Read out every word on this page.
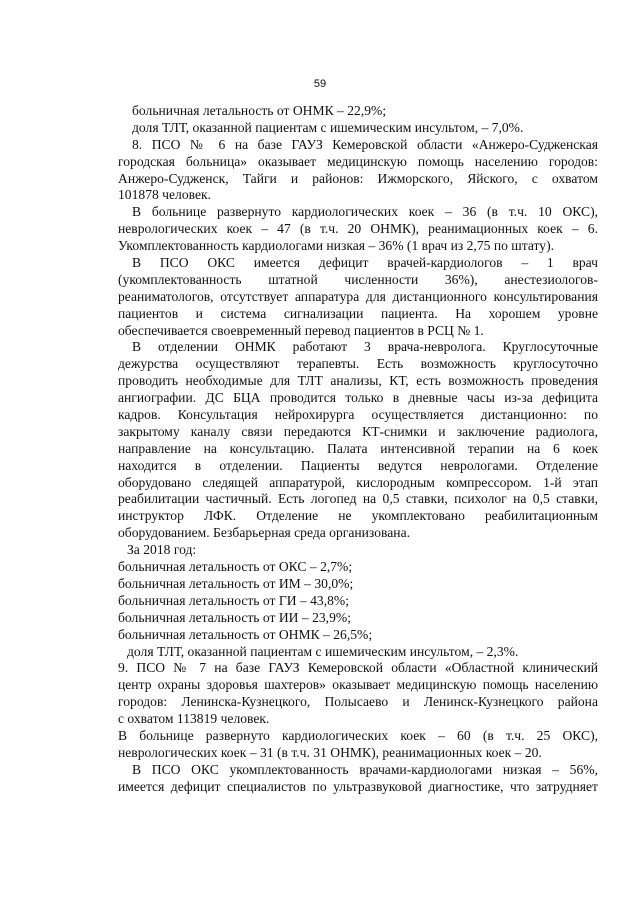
59
больничная летальность от ОНМК – 22,9%;
доля ТЛТ, оказанной пациентам с ишемическим инсультом, – 7,0%.
8. ПСО № 6 на базе ГАУЗ Кемеровской области «Анжеро-Судженская
городская больница» оказывает медицинскую помощь населению городов:
Анжеро-Судженск, Тайги и районов: Ижморского, Яйского, с охватом
101878 человек.
В больнице развернуто кардиологических коек – 36 (в т.ч. 10 ОКС),
неврологических коек – 47 (в т.ч. 20 ОНМК), реанимационных коек – 6.
Укомплектованность кардиологами низкая – 36% (1 врач из 2,75 по штату).
В ПСО ОКС имеется дефицит врачей-кардиологов – 1 врач
(укомплектованность штатной численности 36%), анестезиологов-
реаниматологов, отсутствует аппаратура для дистанционного консультирования
пациентов и система сигнализации пациента. На хорошем уровне
обеспечивается своевременный перевод пациентов в РСЦ № 1.
В отделении ОНМК работают 3 врача-невролога. Круглосуточные
дежурства осуществляют терапевты. Есть возможность круглосуточно
проводить необходимые для ТЛТ анализы, КТ, есть возможность проведения
ангиографии. ДС БЦА проводится только в дневные часы из-за дефицита
кадров. Консультация нейрохирурга осуществляется дистанционно: по
закрытому каналу связи передаются КТ-снимки и заключение радиолога,
направление на консультацию. Палата интенсивной терапии на 6 коек
находится в отделении. Пациенты ведутся неврологами. Отделение
оборудовано следящей аппаратурой, кислородным компрессором. 1-й этап
реабилитации частичный. Есть логопед на 0,5 ставки, психолог на 0,5 ставки,
инструктор ЛФК. Отделение не укомплектовано реабилитационным
оборудованием. Безбарьерная среда организована.
За 2018 год:
больничная летальность от ОКС – 2,7%;
больничная летальность от ИМ – 30,0%;
больничная летальность от ГИ – 43,8%;
больничная летальность от ИИ – 23,9%;
больничная летальность от ОНМК – 26,5%;
доля ТЛТ, оказанной пациентам с ишемическим инсультом, – 2,3%.
9. ПСО № 7 на базе ГАУЗ Кемеровской области «Областной клинический
центр охраны здоровья шахтеров» оказывает медицинскую помощь населению
городов: Ленинска-Кузнецкого, Полысаево и Ленинск-Кузнецкого района
с охватом 113819 человек.
В больнице развернуто кардиологических коек – 60 (в т.ч. 25 ОКС),
неврологических коек – 31 (в т.ч. 31 ОНМК), реанимационных коек – 20.
В ПСО ОКС укомплектованность врачами-кардиологами низкая – 56%,
имеется дефицит специалистов по ультразвуковой диагностике, что затрудняет
